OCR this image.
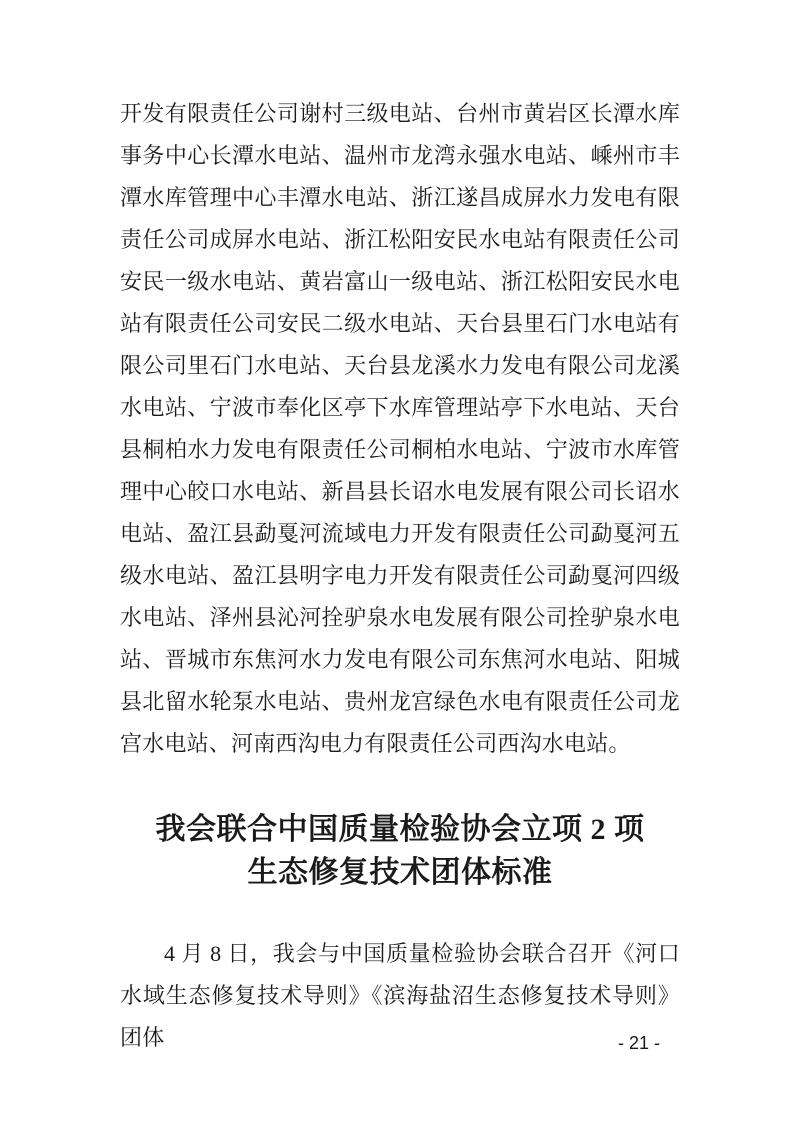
开发有限责任公司谢村三级电站、台州市黄岩区长潭水库事务中心长潭水电站、温州市龙湾永强水电站、嵊州市丰潭水库管理中心丰潭水电站、浙江遂昌成屏水力发电有限责任公司成屏水电站、浙江松阳安民水电站有限责任公司安民一级水电站、黄岩富山一级电站、浙江松阳安民水电站有限责任公司安民二级水电站、天台县里石门水电站有限公司里石门水电站、天台县龙溪水力发电有限公司龙溪水电站、宁波市奉化区亭下水库管理站亭下水电站、天台县桐柏水力发电有限责任公司桐柏水电站、宁波市水库管理中心皎口水电站、新昌县长诏水电发展有限公司长诏水电站、盈江县勐戛河流域电力开发有限责任公司勐戛河五级水电站、盈江县明字电力开发有限责任公司勐戛河四级水电站、泽州县沁河拴驴泉水电发展有限公司拴驴泉水电站、晋城市东焦河水力发电有限公司东焦河水电站、阳城县北留水轮泵水电站、贵州龙宫绿色水电有限责任公司龙宫水电站、河南西沟电力有限责任公司西沟水电站。

我会联合中国质量检验协会立项 2 项
生态修复技术团体标准

4 月 8 日，我会与中国质量检验协会联合召开《河口水域生态修复技术导则》《滨海盐沼生态修复技术导则》团体	- 21 -
